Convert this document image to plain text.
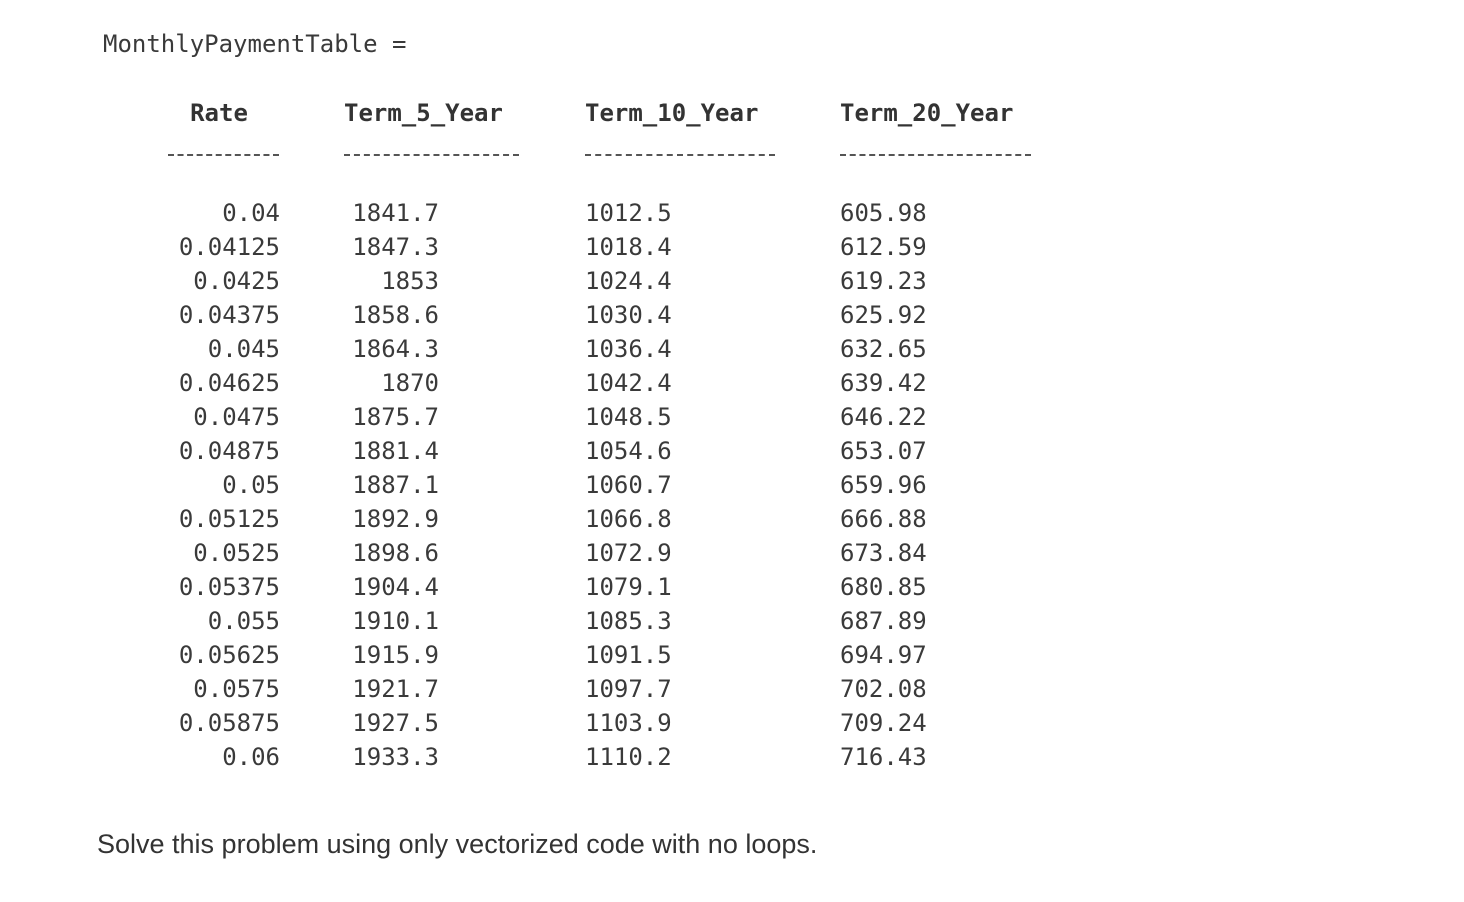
MonthlyPaymentTable =
Rate	Term_5_Year	Term_10_Year	Term_20_Year
0.04	1841.7	1012.5	605.98
0.04125	1847.3	1018.4	612.59
0.0425	1853	1024.4	619.23
0.04375	1858.6	1030.4	625.92
0.045	1864.3	1036.4	632.65
0.04625	1870	1042.4	639.42
0.0475	1875.7	1048.5	646.22
0.04875	1881.4	1054.6	653.07
0.05	1887.1	1060.7	659.96
0.05125	1892.9	1066.8	666.88
0.0525	1898.6	1072.9	673.84
0.05375	1904.4	1079.1	680.85
0.055	1910.1	1085.3	687.89
0.05625	1915.9	1091.5	694.97
0.0575	1921.7	1097.7	702.08
0.05875	1927.5	1103.9	709.24
0.06	1933.3	1110.2	716.43
Solve this problem using only vectorized code with no loops.
